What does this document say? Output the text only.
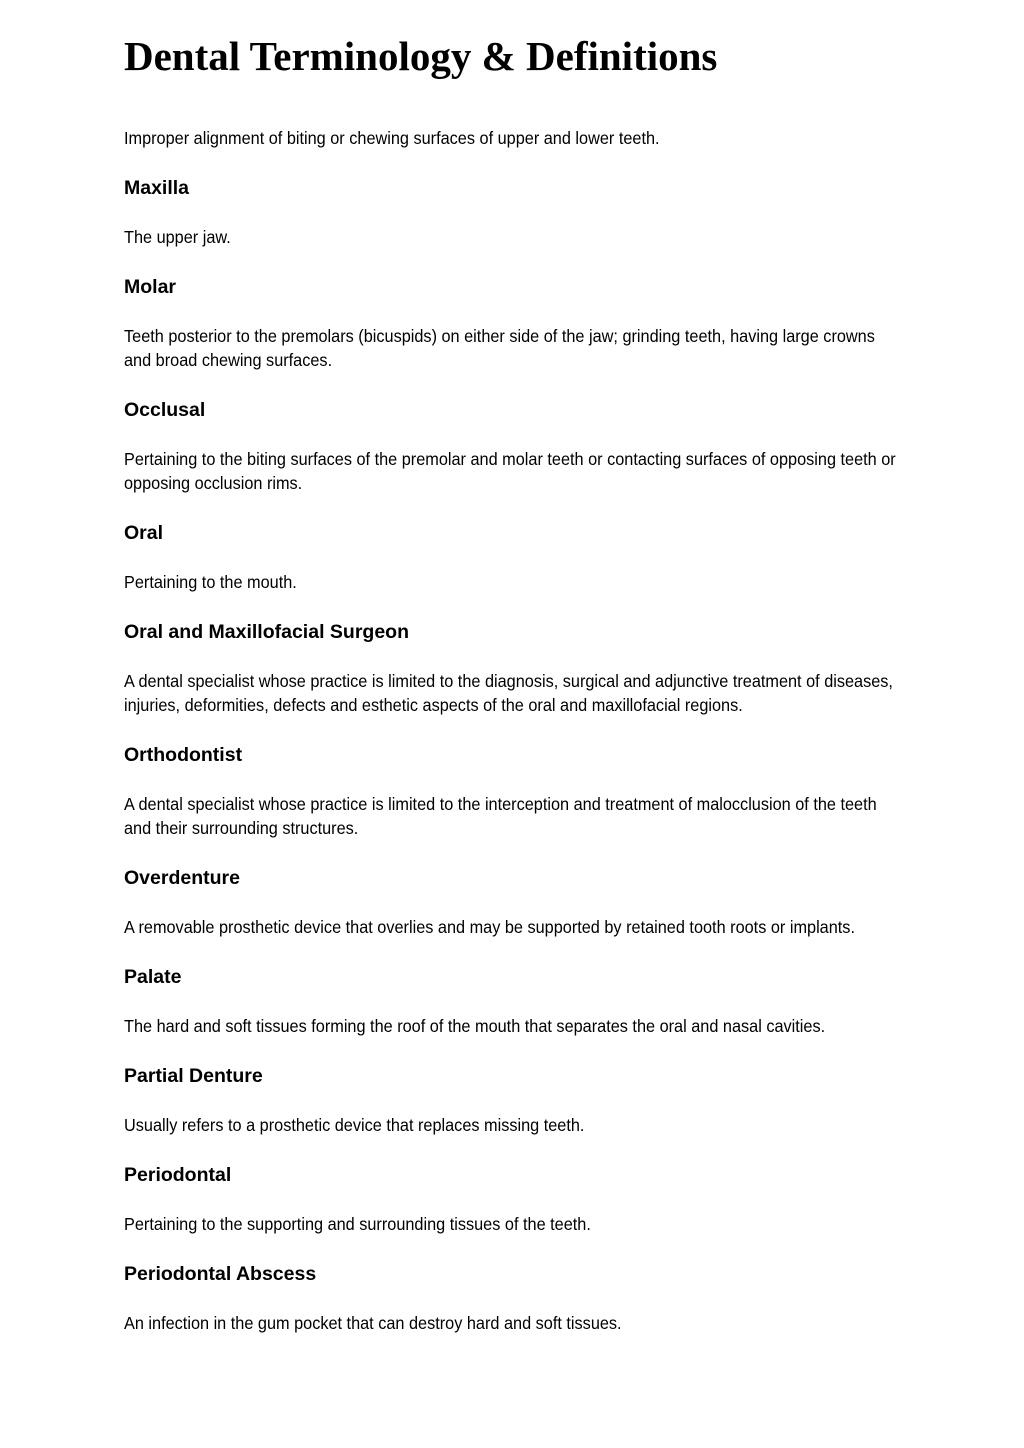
Dental Terminology & Definitions

Improper alignment of biting or chewing surfaces of upper and lower teeth.

Maxilla

The upper jaw.

Molar

Teeth posterior to the premolars (bicuspids) on either side of the jaw; grinding teeth, having large crowns and broad chewing surfaces.

Occlusal

Pertaining to the biting surfaces of the premolar and molar teeth or contacting surfaces of opposing teeth or opposing occlusion rims.

Oral

Pertaining to the mouth.

Oral and Maxillofacial Surgeon

A dental specialist whose practice is limited to the diagnosis, surgical and adjunctive treatment of diseases, injuries, deformities, defects and esthetic aspects of the oral and maxillofacial regions.

Orthodontist

A dental specialist whose practice is limited to the interception and treatment of malocclusion of the teeth and their surrounding structures.

Overdenture

A removable prosthetic device that overlies and may be supported by retained tooth roots or implants.

Palate

The hard and soft tissues forming the roof of the mouth that separates the oral and nasal cavities.

Partial Denture

Usually refers to a prosthetic device that replaces missing teeth.

Periodontal

Pertaining to the supporting and surrounding tissues of the teeth.

Periodontal Abscess

An infection in the gum pocket that can destroy hard and soft tissues.
